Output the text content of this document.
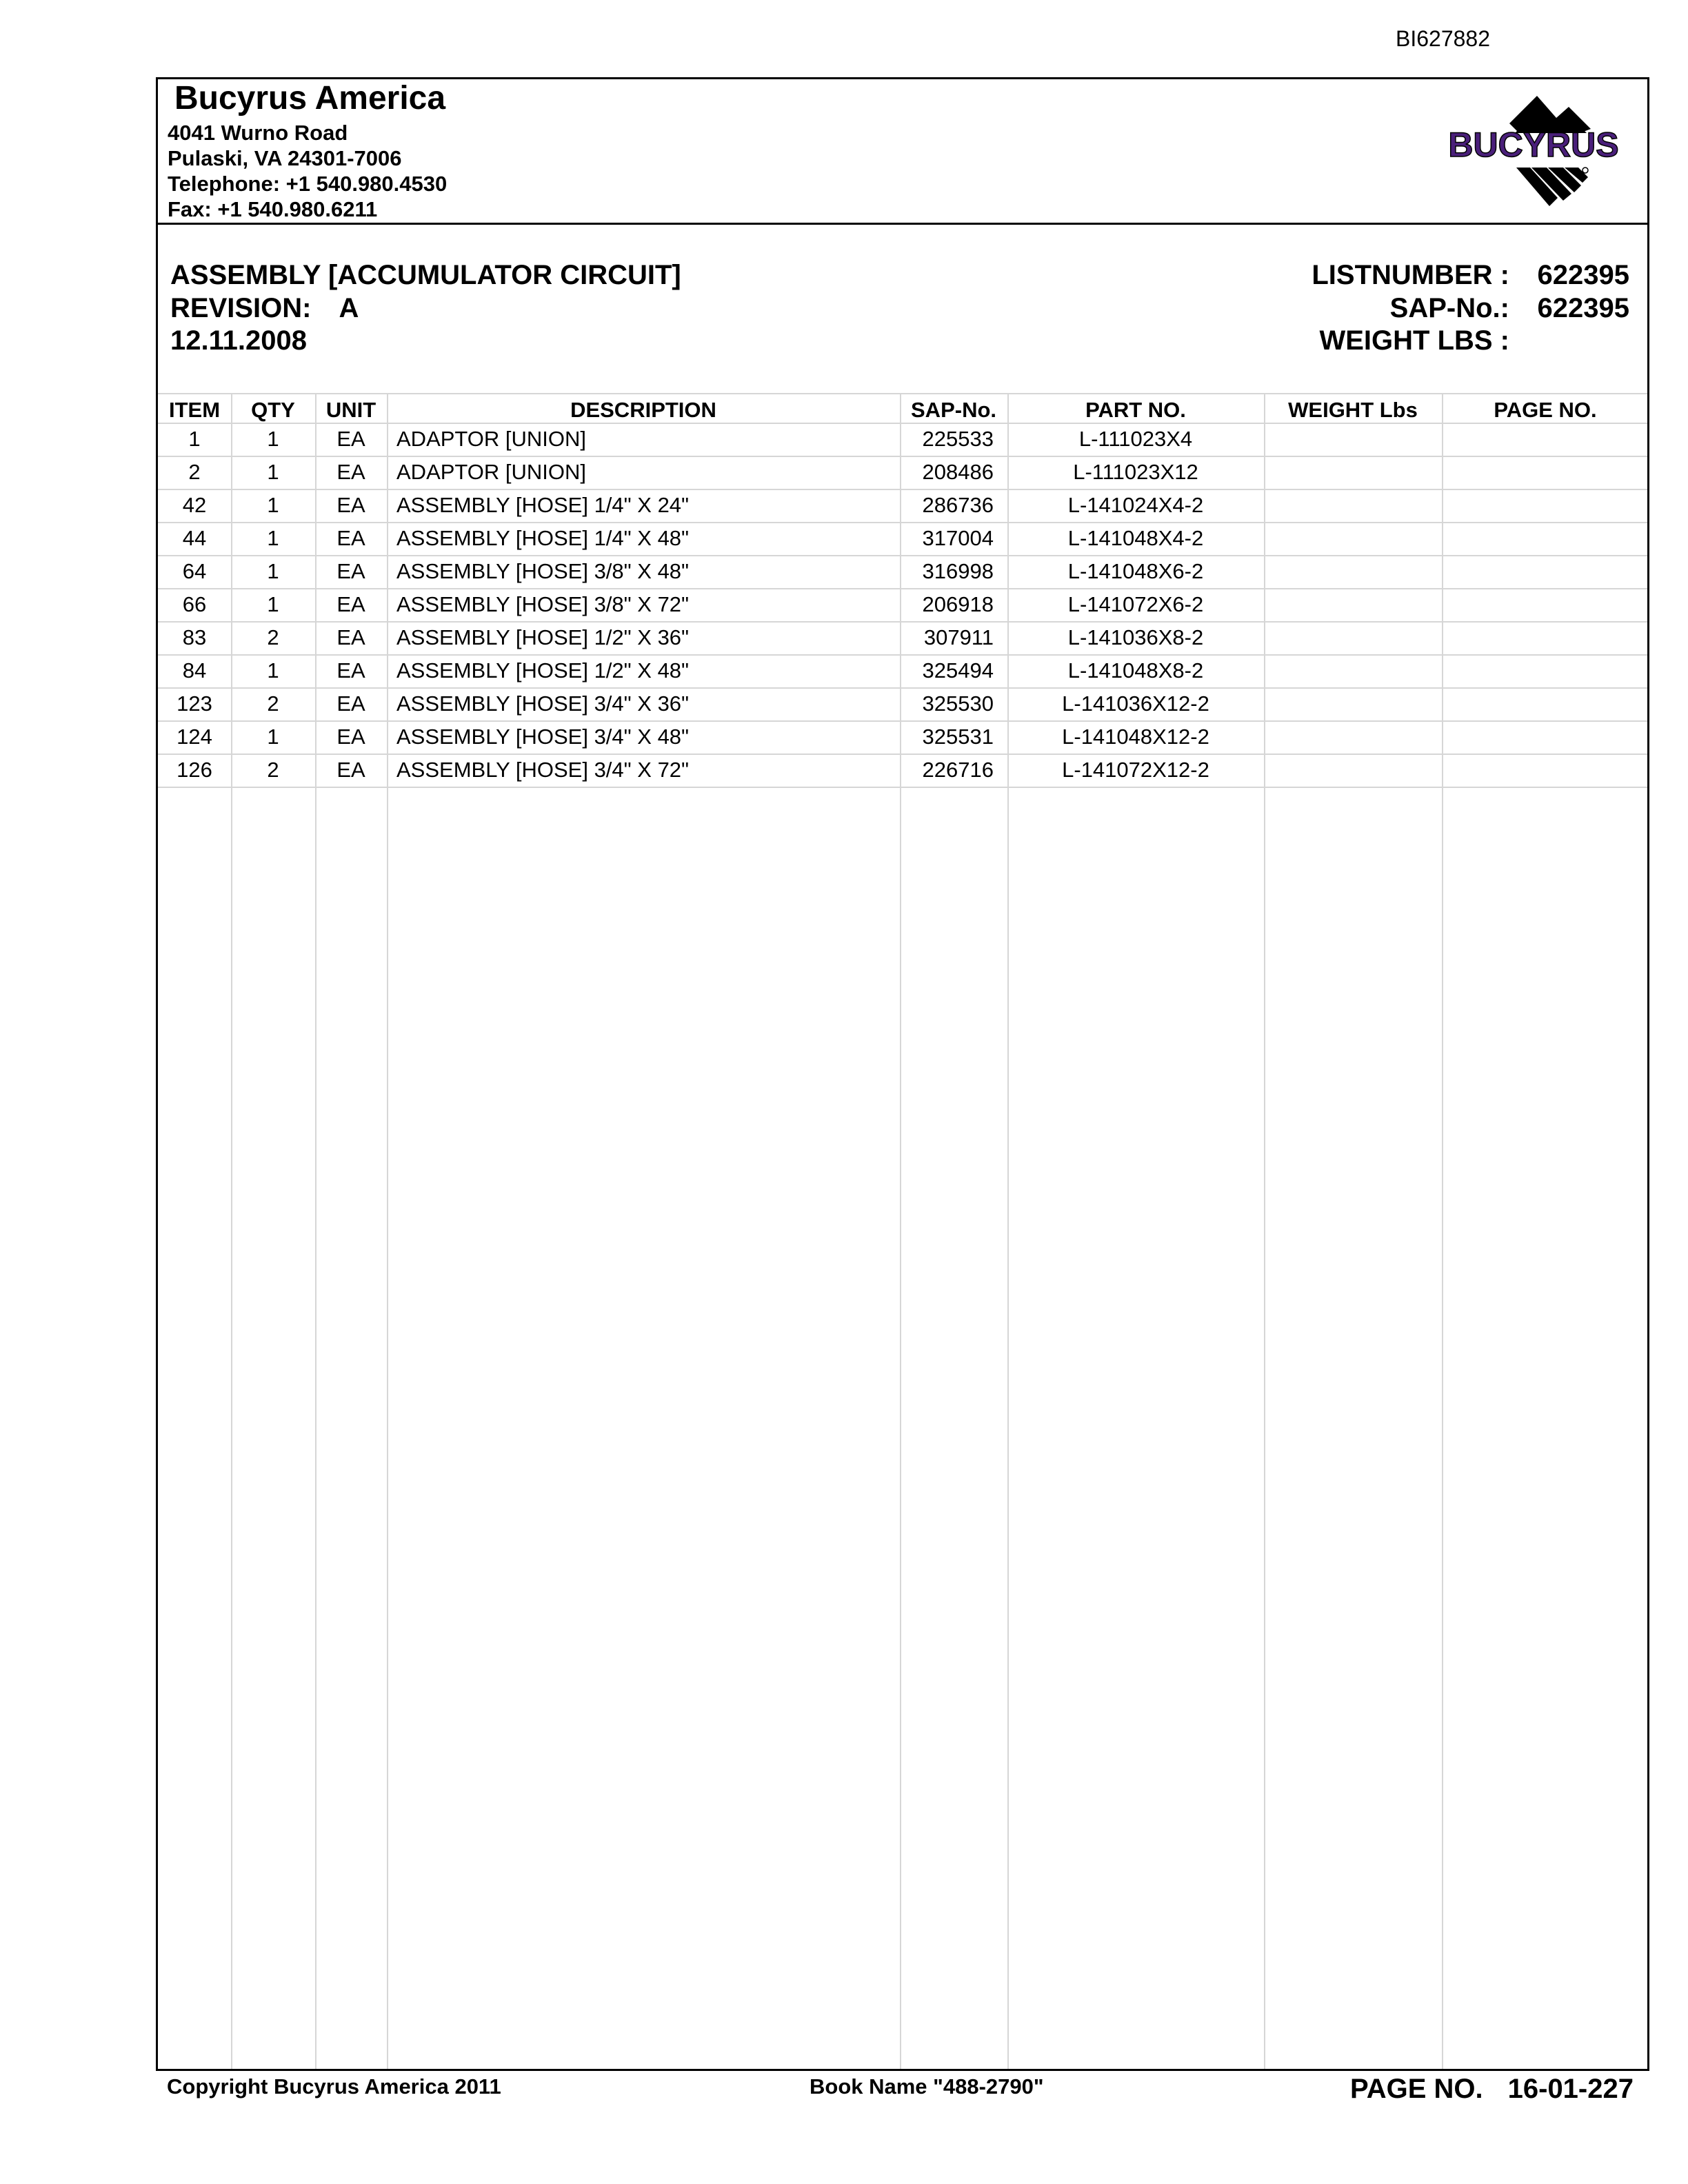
BI627882
Bucyrus America
4041 Wurno Road
Pulaski, VA 24301-7006
Telephone: +1 540.980.4530
Fax: +1 540.980.6211
BUCYRUS
ASSEMBLY [ACCUMULATOR CIRCUIT]
REVISION: A
12.11.2008
LISTNUMBER : 622395
SAP-No.: 622395
WEIGHT LBS :
ITEM	QTY	UNIT	DESCRIPTION	SAP-No.	PART NO.	WEIGHT Lbs	PAGE NO.
1	1	EA	ADAPTOR [UNION]	225533	L-111023X4
2	1	EA	ADAPTOR [UNION]	208486	L-111023X12
42	1	EA	ASSEMBLY [HOSE] 1/4" X 24"	286736	L-141024X4-2
44	1	EA	ASSEMBLY [HOSE] 1/4" X 48"	317004	L-141048X4-2
64	1	EA	ASSEMBLY [HOSE] 3/8" X 48"	316998	L-141048X6-2
66	1	EA	ASSEMBLY [HOSE] 3/8" X 72"	206918	L-141072X6-2
83	2	EA	ASSEMBLY [HOSE] 1/2" X 36"	307911	L-141036X8-2
84	1	EA	ASSEMBLY [HOSE] 1/2" X 48"	325494	L-141048X8-2
123	2	EA	ASSEMBLY [HOSE] 3/4" X 36"	325530	L-141036X12-2
124	1	EA	ASSEMBLY [HOSE] 3/4" X 48"	325531	L-141048X12-2
126	2	EA	ASSEMBLY [HOSE] 3/4" X 72"	226716	L-141072X12-2
Copyright Bucyrus America 2011	Book Name "488-2790"	PAGE NO. 16-01-227
